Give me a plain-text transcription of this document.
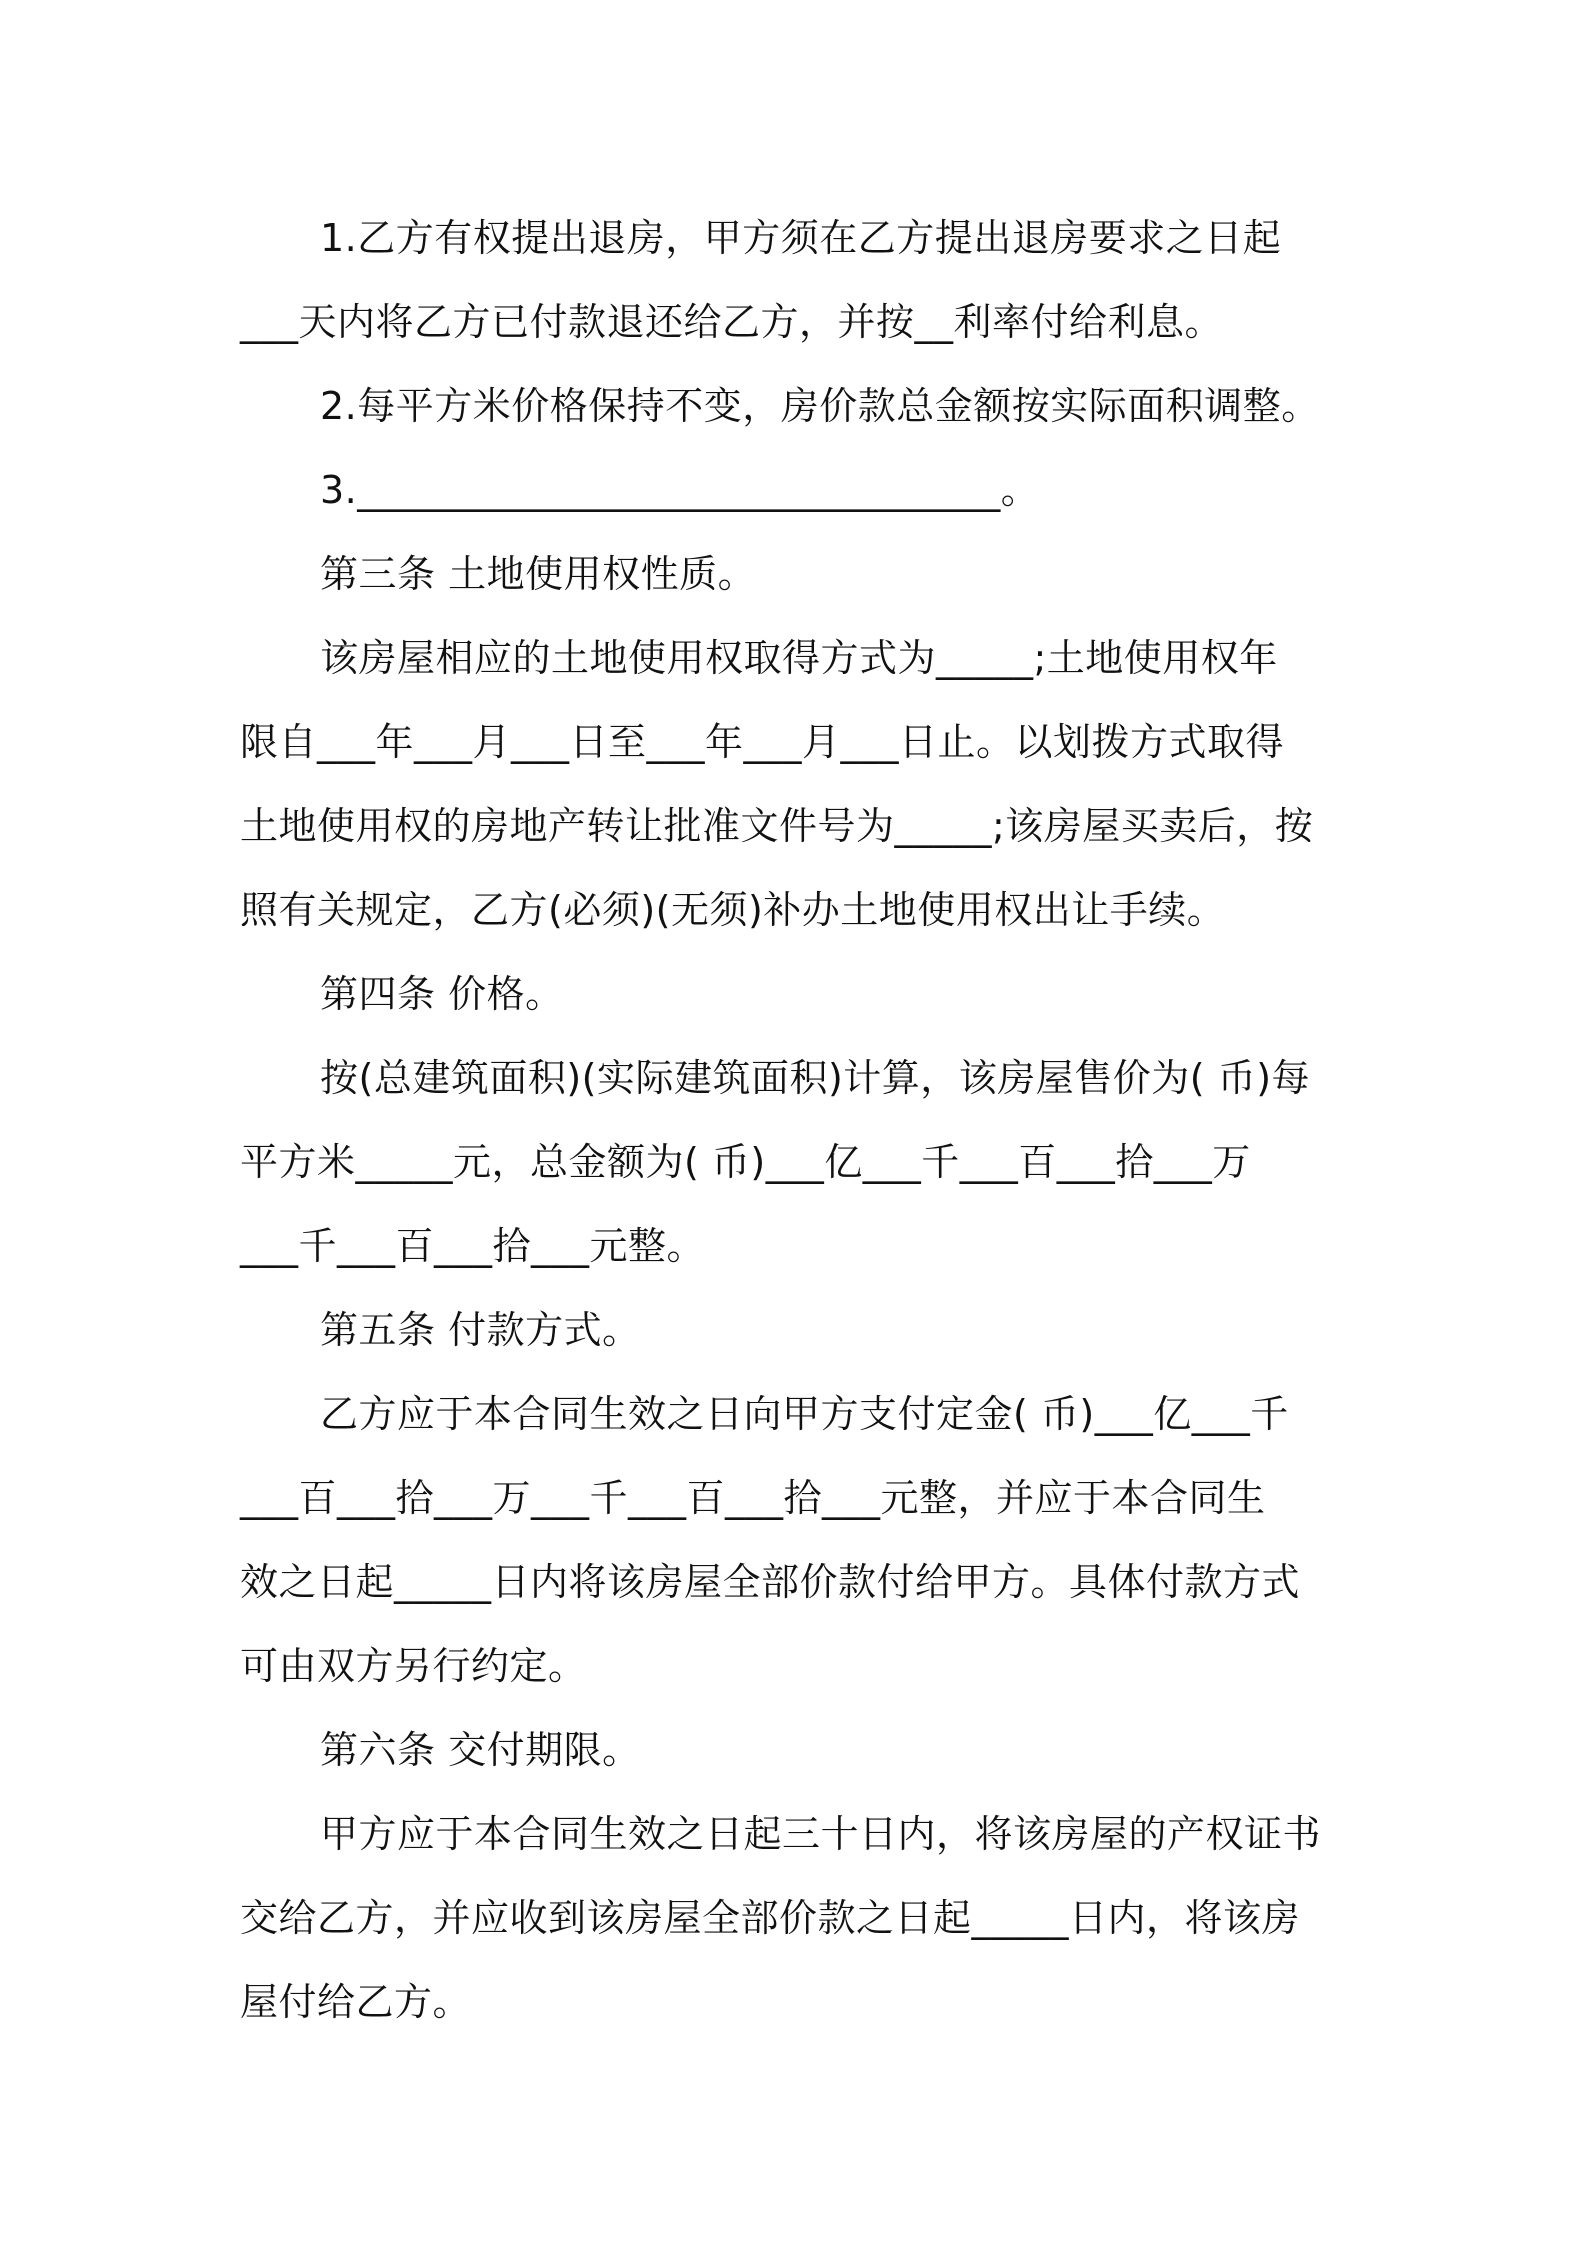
1.乙方有权提出退房，甲方须在乙方提出退房要求之日起
___天内将乙方已付款退还给乙方，并按__利率付给利息。
2.每平方米价格保持不变，房价款总金额按实际面积调整。
3._________________________________。
第三条 土地使用权性质。
该房屋相应的土地使用权取得方式为_____;土地使用权年
限自___年___月___日至___年___月___日止。以划拨方式取得
土地使用权的房地产转让批准文件号为_____;该房屋买卖后，按
照有关规定，乙方(必须)(无须)补办土地使用权出让手续。
第四条 价格。
按(总建筑面积)(实际建筑面积)计算，该房屋售价为( 币)每
平方米_____元，总金额为( 币)___亿___千___百___拾___万
___千___百___拾___元整。
第五条 付款方式。
乙方应于本合同生效之日向甲方支付定金( 币)___亿___千
___百___拾___万___千___百___拾___元整，并应于本合同生
效之日起_____日内将该房屋全部价款付给甲方。具体付款方式
可由双方另行约定。
第六条 交付期限。
甲方应于本合同生效之日起三十日内，将该房屋的产权证书
交给乙方，并应收到该房屋全部价款之日起_____日内，将该房
屋付给乙方。
